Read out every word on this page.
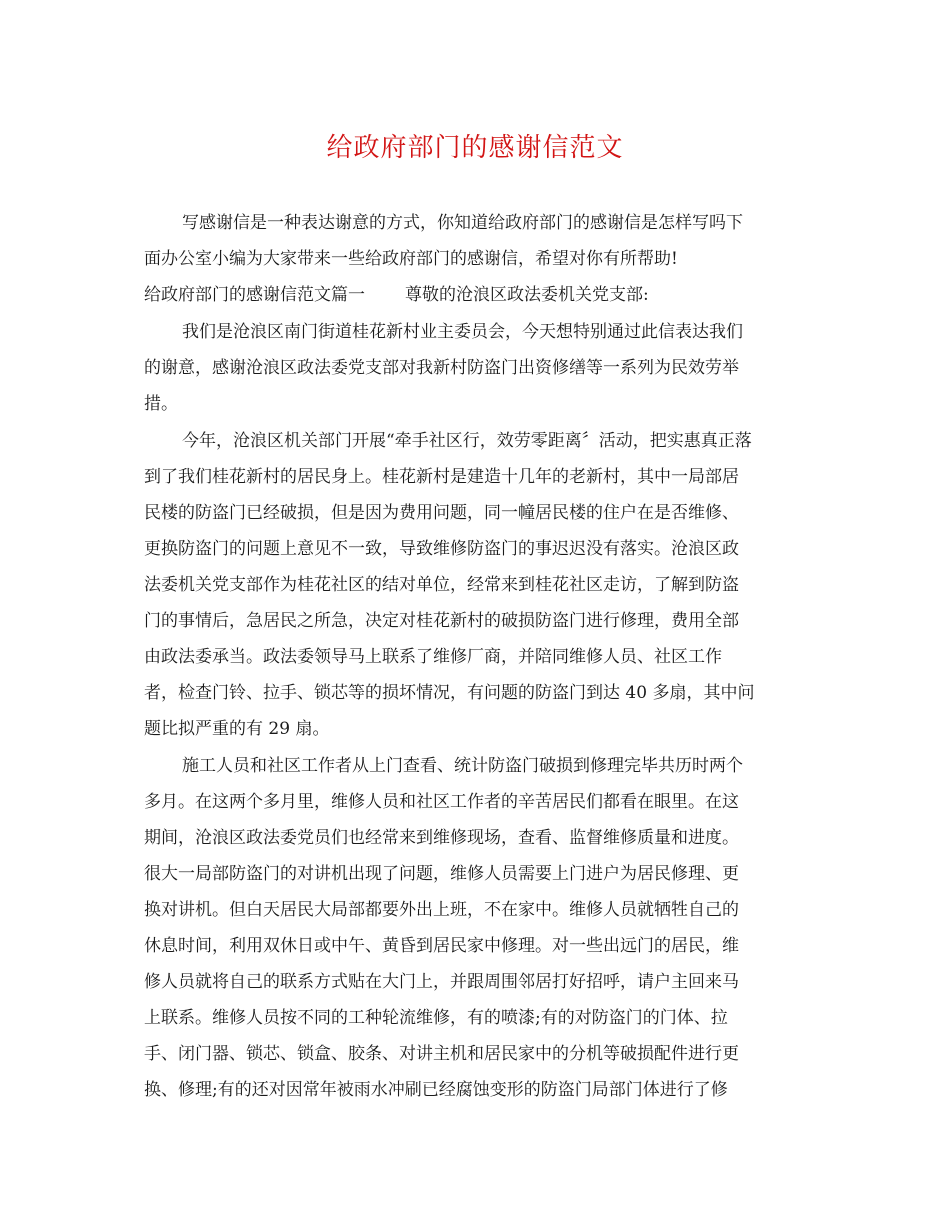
给政府部门的感谢信范文
写感谢信是一种表达谢意的方式，你知道给政府部门的感谢信是怎样写吗下
面办公室小编为大家带来一些给政府部门的感谢信，希望对你有所帮助!
给政府部门的感谢信范文篇一 尊敬的沧浪区政法委机关党支部:
我们是沧浪区南门街道桂花新村业主委员会，今天想特别通过此信表达我们
的谢意，感谢沧浪区政法委党支部对我新村防盗门出资修缮等一系列为民效劳举
措。
今年，沧浪区机关部门开展“牵手社区行，效劳零距离〞活动，把实惠真正落
到了我们桂花新村的居民身上。桂花新村是建造十几年的老新村，其中一局部居
民楼的防盗门已经破损，但是因为费用问题，同一幢居民楼的住户在是否维修、
更换防盗门的问题上意见不一致，导致维修防盗门的事迟迟没有落实。沧浪区政
法委机关党支部作为桂花社区的结对单位，经常来到桂花社区走访，了解到防盗
门的事情后，急居民之所急，决定对桂花新村的破损防盗门进行修理，费用全部
由政法委承当。政法委领导马上联系了维修厂商，并陪同维修人员、社区工作
者，检查门铃、拉手、锁芯等的损坏情况，有问题的防盗门到达 40 多扇，其中问
题比拟严重的有 29 扇。
施工人员和社区工作者从上门查看、统计防盗门破损到修理完毕共历时两个
多月。在这两个多月里，维修人员和社区工作者的辛苦居民们都看在眼里。在这
期间，沧浪区政法委党员们也经常来到维修现场，查看、监督维修质量和进度。
很大一局部防盗门的对讲机出现了问题，维修人员需要上门进户为居民修理、更
换对讲机。但白天居民大局部都要外出上班，不在家中。维修人员就牺牲自己的
休息时间，利用双休日或中午、黄昏到居民家中修理。对一些出远门的居民，维
修人员就将自己的联系方式贴在大门上，并跟周围邻居打好招呼，请户主回来马
上联系。维修人员按不同的工种轮流维修，有的喷漆;有的对防盗门的门体、拉
手、闭门器、锁芯、锁盒、胶条、对讲主机和居民家中的分机等破损配件进行更
换、修理;有的还对因常年被雨水冲刷已经腐蚀变形的防盗门局部门体进行了修
